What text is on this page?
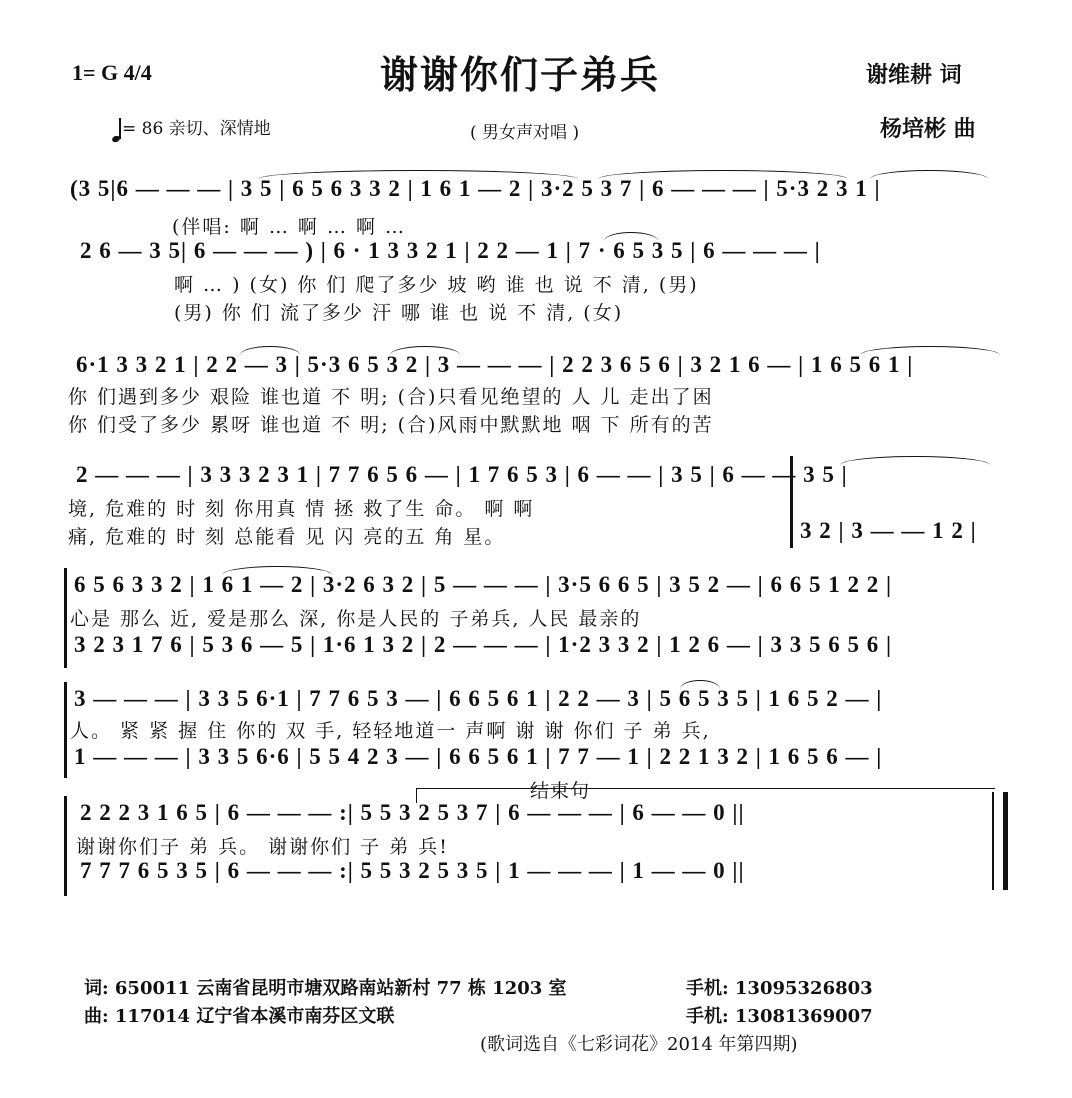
1= G 4/4	谢谢你们子弟兵	谢维耕 词
杨培彬 曲
= 86 亲切、深情地	( 男女声对唱 )
(3 5|6 — — — | 3 5 | 6 5 6 3 3 2 | 1 6 1 — 2 | 3·2 5 3 7 | 6 — — — | 5·3 2 3 1 |
(伴唱: 啊 … 啊 … 啊 …
2 6 — 3 5| 6 — — — ) | 6 · 1 3 3 2 1 | 2 2 — 1 | 7 · 6 5 3 5 | 6 — — — |
啊 … ) (女) 你 们 爬了多少 坡 哟 谁 也 说 不 清, (男)
(男) 你 们 流了多少 汗 哪 谁 也 说 不 清, (女)
6·1 3 3 2 1 | 2 2 — 3 | 5·3 6 5 3 2 | 3 — — — | 2 2 3 6 5 6 | 3 2 1 6 — | 1 6 5 6 1 |
你 们遇到多少 艰险 谁也道 不 明; (合)只看见绝望的 人 儿 走出了困
你 们受了多少 累呀 谁也道 不 明; (合)风雨中默默地 咽 下 所有的苦
2 — — — | 3 3 3 2 3 1 | 7 7 6 5 6 — | 1 7 6 5 3 | 6 — — | 3 5 | 6 — — 3 5 |
境, 危难的 时 刻 你用真 情 拯 救了生 命。 啊 啊
痛, 危难的 时 刻 总能看 见 闪 亮的五 角 星。	3 2 | 3 — — 1 2 |
6 5 6 3 3 2 | 1 6 1 — 2 | 3·2 6 3 2 | 5 — — — | 3·5 6 6 5 | 3 5 2 — | 6 6 5 1 2 2 |
心是 那么 近, 爱是那么 深, 你是人民的 子弟兵, 人民 最亲的
3 2 3 1 7 6 | 5 3 6 — 5 | 1·6 1 3 2 | 2 — — — | 1·2 3 3 2 | 1 2 6 — | 3 3 5 6 5 6 |
3 — — — | 3 3 5 6·1 | 7 7 6 5 3 — | 6 6 5 6 1 | 2 2 — 3 | 5 6 5 3 5 | 1 6 5 2 — |
人。 紧 紧 握 住 你的 双 手, 轻轻地道一 声啊 谢 谢 你们 子 弟 兵,
1 — — — | 3 3 5 6·6 | 5 5 4 2 3 — | 6 6 5 6 1 | 7 7 — 1 | 2 2 1 3 2 | 1 6 5 6 — |
结束句
2 2 2 3 1 6 5 | 6 — — — :| 5 5 3 2 5 3 7 | 6 — — — | 6 — — 0 ||
谢谢你们子 弟 兵。 谢谢你们 子 弟 兵!
7 7 7 6 5 3 5 | 6 — — — :| 5 5 3 2 5 3 5 | 1 — — — | 1 — — 0 ||
词: 650011 云南省昆明市塘双路南站新村 77 栋 1203 室	手机: 13095326803
曲: 117014 辽宁省本溪市南芬区文联	手机: 13081369007
(歌词选自《七彩词花》2014 年第四期)
